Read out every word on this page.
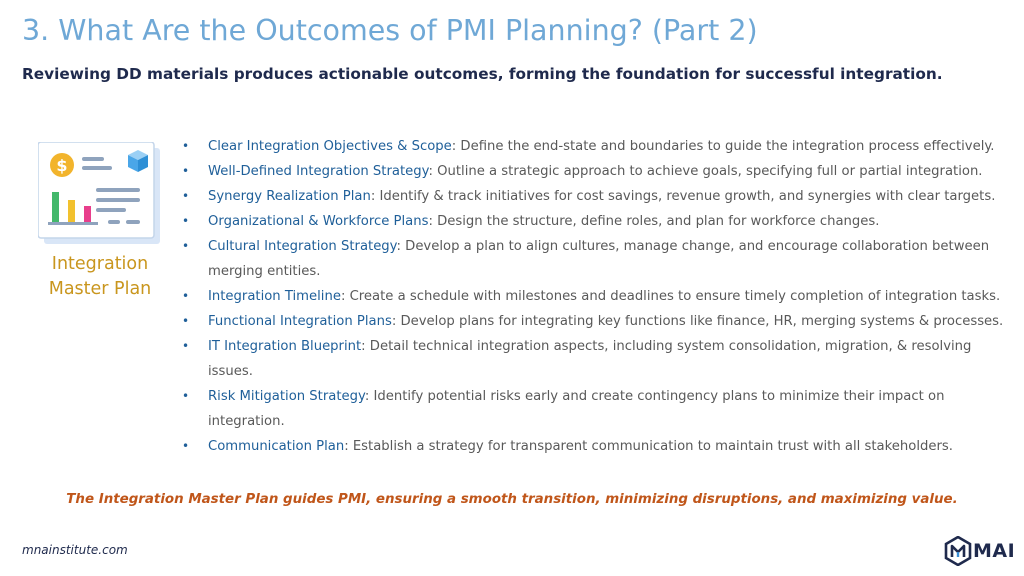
3. What Are the Outcomes of PMI Planning? (Part 2)

Reviewing DD materials produces actionable outcomes, forming the foundation for successful integration.

$
Integration
Master Plan
• Clear Integration Objectives & Scope: Define the end-state and boundaries to guide the integration process effectively.
• Well-Defined Integration Strategy: Outline a strategic approach to achieve goals, specifying full or partial integration.
• Synergy Realization Plan: Identify & track initiatives for cost savings, revenue growth, and synergies with clear targets.
• Organizational & Workforce Plans: Design the structure, define roles, and plan for workforce changes.
• Cultural Integration Strategy: Develop a plan to align cultures, manage change, and encourage collaboration between merging entities.
• Integration Timeline: Create a schedule with milestones and deadlines to ensure timely completion of integration tasks.
• Functional Integration Plans: Develop plans for integrating key functions like finance, HR, merging systems & processes.
• IT Integration Blueprint: Detail technical integration aspects, including system consolidation, migration, & resolving issues.
• Risk Mitigation Strategy: Identify potential risks early and create contingency plans to minimize their impact on integration.
• Communication Plan: Establish a strategy for transparent communication to maintain trust with all stakeholders.

The Integration Master Plan guides PMI, ensuring a smooth transition, minimizing disruptions, and maximizing value.

mnainstitute.com	MAI
